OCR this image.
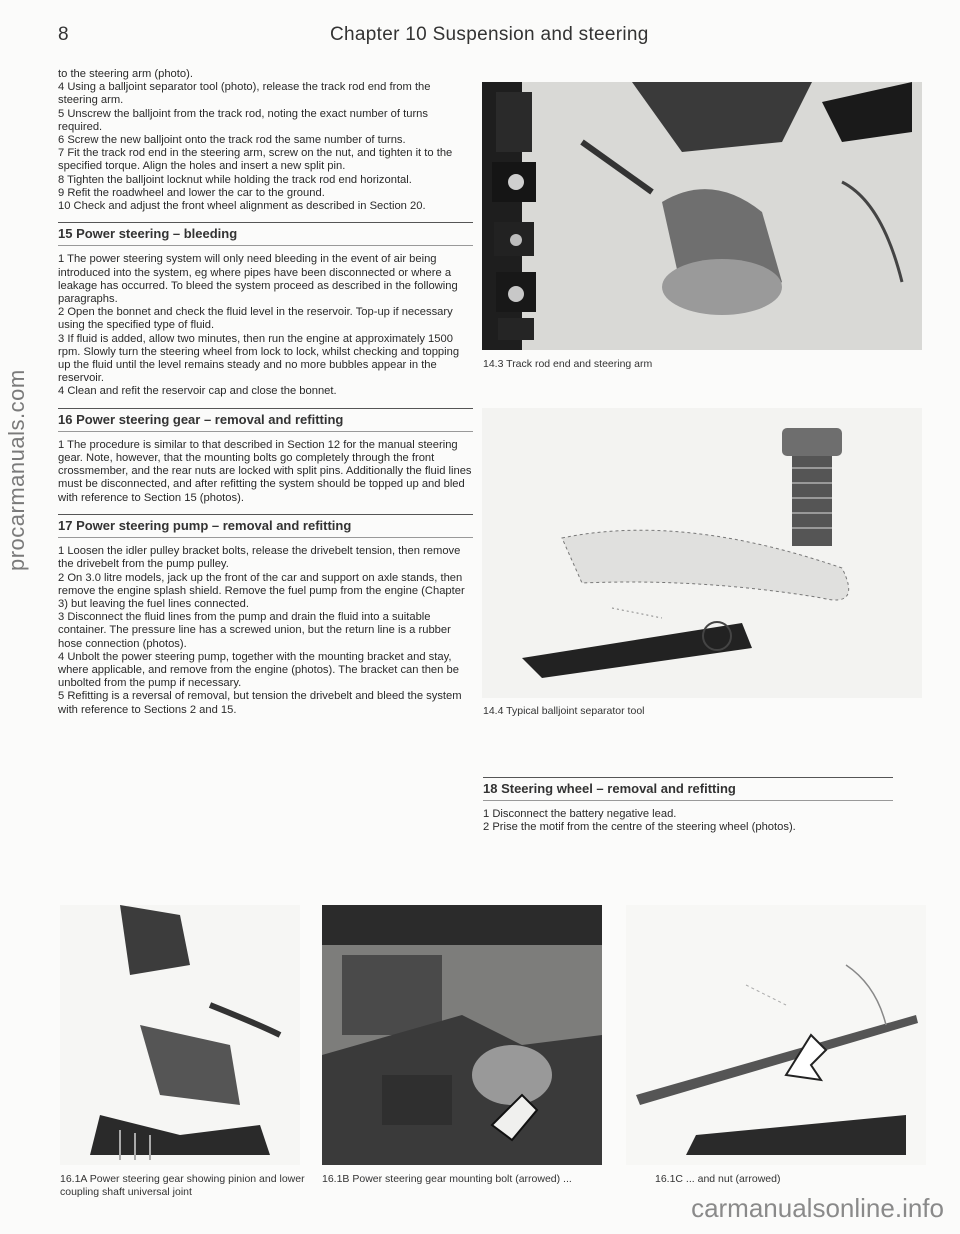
procarmanuals.com
carmanualsonline.info
8	Chapter 10 Suspension and steering

to the steering arm (photo).

4 Using a balljoint separator tool (photo), release the track rod end from the steering arm.

5 Unscrew the balljoint from the track rod, noting the exact number of turns required.

6 Screw the new balljoint onto the track rod the same number of turns.

7 Fit the track rod end in the steering arm, screw on the nut, and tighten it to the specified torque. Align the holes and insert a new split pin.

8 Tighten the balljoint locknut while holding the track rod end horizontal.

9 Refit the roadwheel and lower the car to the ground.

10 Check and adjust the front wheel alignment as described in Section 20.

15 Power steering – bleeding

1 The power steering system will only need bleeding in the event of air being introduced into the system, eg where pipes have been disconnected or where a leakage has occurred. To bleed the system proceed as described in the following paragraphs.

2 Open the bonnet and check the fluid level in the reservoir. Top-up if necessary using the specified type of fluid.

3 If fluid is added, allow two minutes, then run the engine at approximately 1500 rpm. Slowly turn the steering wheel from lock to lock, whilst checking and topping up the fluid until the level remains steady and no more bubbles appear in the reservoir.

4 Clean and refit the reservoir cap and close the bonnet.

16 Power steering gear – removal and refitting

1 The procedure is similar to that described in Section 12 for the manual steering gear. Note, however, that the mounting bolts go completely through the front crossmember, and the rear nuts are locked with split pins. Additionally the fluid lines must be disconnected, and after refitting the system should be topped up and bled with reference to Section 15 (photos).

17 Power steering pump – removal and refitting

1 Loosen the idler pulley bracket bolts, release the drivebelt tension, then remove the drivebelt from the pump pulley.

2 On 3.0 litre models, jack up the front of the car and support on axle stands, then remove the engine splash shield. Remove the fuel pump from the engine (Chapter 3) but leaving the fuel lines connected.

3 Disconnect the fluid lines from the pump and drain the fluid into a suitable container. The pressure line has a screwed union, but the return line is a rubber hose connection (photos).

4 Unbolt the power steering pump, together with the mounting bracket and stay, where applicable, and remove from the engine (photos). The bracket can then be unbolted from the pump if necessary.

5 Refitting is a reversal of removal, but tension the drivebelt and bleed the system with reference to Sections 2 and 15.

14.3 Track rod end and steering arm
14.4 Typical balljoint separator tool
18 Steering wheel – removal and refitting

1 Disconnect the battery negative lead.

2 Prise the motif from the centre of the steering wheel (photos).

16.1A Power steering gear showing pinion and lower coupling shaft universal joint
16.1B Power steering gear mounting bolt (arrowed) ...	16.1C ... and nut (arrowed)
